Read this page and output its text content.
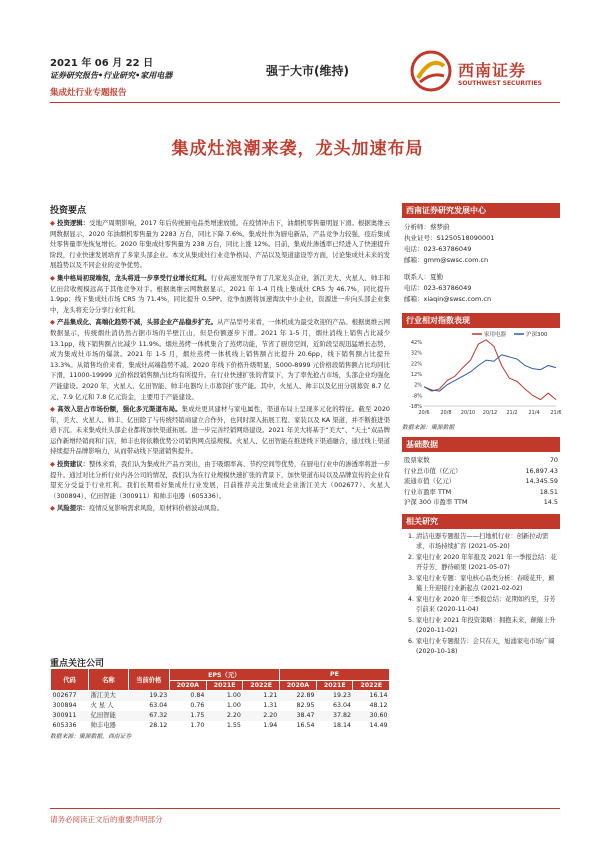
2021 年 06 月 22 日
证券研究报告•行业研究•家用电器
集成灶行业专题报告
强于大市(维持)	西南证券
SOUTHWEST SECURITIES
集成灶浪潮来袭，龙头加速布局
投资要点

◆ 投资逻辑：受地产周期影响，2017 年后传统厨电品类增速放缓。在疫情冲击下，油烟机零售量明显下滑。根据奥维云网数据显示，2020 年油烟机零售量为 2283 万台，同比下降 7.6%。集成灶作为厨电新品，产品竞争力较强，疫后集成灶零售量率先恢复增长。2020 年集成灶零售量为 238 万台，同比上涨 12%。目前，集成灶渗透率已经进入了快速提升阶段，行业快速发展培育了多家头部企业。本文从集成灶行业竞争格局、产品以及渠道建设等方面，讨论集成灶未来的发展趋势以及不同企业的竞争优势。

◆ 集中格局初现端倪，龙头将进一步享受行业增长红利。行业高速发展孕育了几家龙头企业，浙江美大、火星人、帅丰和亿田营收规模远高于其他竞争对手。根据奥维云网数据显示，2021 年 1-4 月线上集成灶 CR5 为 46.7%，同比提升 1.9pp；线下集成灶市场 CR5 为 71.4%，同比提升 0.5PP。竞争加剧将加速淘汰中小企业，资源进一步向头部企业集中，龙头将充分分享行业红利。

◆ 产品集成化、高端化趋势不减，头部企业产品稳步扩充。从产品型号来看，一体机成为最受欢迎的产品。根据奥维云网数据显示，传统烟灶消仍然占据市场的半壁江山，但是份额逐步下滑。2021 年 1-5 月，烟灶消线上销售占比减少 13.1pp，线下销售额占比减少 11.9%。烟灶蒸烤一体机集合了蒸烤功能，节省了厨房空间，近阶段呈现迅猛增长态势，成为集成灶市场的爆款。2021 年 1-5 月，烟灶蒸烤一体机线上销售额占比提升 20.6pp，线下销售额占比提升 13.3%。从销售均价来看，集成灶高端趋势不减。2020 年线下价格升级明显，5000-8999 元价格段销售额占比均同比下滑，11000-19999 元价格段销售额占比均有所提升。在行业快速扩张的背景下，为了率先抢占市场，头部企业均强化产能建设。2020 年，火星人、亿田智能、帅丰电器均上市募资扩张产能。其中，火星人、帅丰以及亿田分别募资 8.7 亿元、7.9 亿元和 7.8 亿元资金，主要用于产能建设。

◆ 高效入驻占市场份额，强化多元渠道布局。集成灶更具建材与家电属性，渠道布局上呈现多元化的特征。截至 2020 年，美大、火星人、帅丰、亿田除了与传统经销商建立合作外，也同时深入拓展工程、家装以及 KA 渠道，并不断推进渠道下沉。未来集成灶头部企业都将加快渠道拓展。进一步完善经销网络建设。2021 年美大将基于“美大”、“天土”双品牌运作新增经销商和门店，帅丰也将依赖优势公司销售网点巡规模。火星人、亿田智能在推进线下渠道融合，通过线上渠道持续提升品牌影响力，从而带动线下渠道销售提升。

◆ 投资建议：整体来看，我们认为集成灶产品方突出，由于吸烟率高、节约空间等优势，在厨电行业中的渗透率将进一步提升。通过对比分析行业内各公司的情况，我们认为在行业规模快速扩张的背景下，加快渠道布局以及品牌宣传的企业有望充分受益于行业红利。我们长期看好集成灶行业发展，目前推荐关注集成灶企业浙江美大（002677）、火星人（300894）、亿田智能（300911）和帅丰电器（605336）。

◆ 风险提示：疫情反复影响需求风险，原材料价格波动风险。

重点关注公司
代码	名称	当前价格	EPS（元）			PE		
			2020A	2021E	2022E	2020A	2021E	2022E
002677	浙江美大	19.23	0.84	1.00	1.21	22.89	19.23	16.14
300894	火 星 人	63.04	0.76	1.00	1.31	82.95	63.04	48.12
300911	亿田智能	67.32	1.75	2.20	2.20	38.47	37.82	30.60
605336	帅丰电器	28.12	1.70	1.55	1.94	16.54	18.14	14.49
数据来源：聚源数据，西南证券
请务必阅读正文后的重要声明部分
西南证券研究发展中心
分析师：蔡梦蔚
执业证号：S1250518090001
电话：023-63786049
邮箱：gmm@swsc.com.cn
联系人：夏勤
电话：023-63786049
邮箱：xiaqin@swsc.com.cn
行业相对指数表现
42%
32%
22%
12%
2%
-8%
-18%
20/6 20/8 20/10 20/12 21/2 21/4 21/6
家用电器	沪深300
数据来源：聚源数据
基础数据
股票家数	70
行业总市值（亿元）	16,897.43
流通市值（亿元）	14,345.59
行业市盈率 TTM	18.51
沪深 300 市盈率 TTM	14.5
相关研究
1. 清洁电器专题报告——扫地机行业：创新拉动需求，市场持续扩容 (2021-05-20)
2. 家电行业 2020 年年报及 2021 年一季报总结：花开芬芳，静待硕果 (2021-05-07)
3. 家电行业专题：家电核心品类分析：春暖花开，颠簸上升迎接行业新起点 (2021-02-02)
4. 家电行业 2020 年三季报总结：花期如约至，芬芳引前来 (2020-11-04)
5. 家电行业 2021 年投资策略：拥抱未来，颠簸上升 (2020-11-02)
6. 家电行业专题报告：会只在天，旭涌家电市场广阔 (2020-10-18)
